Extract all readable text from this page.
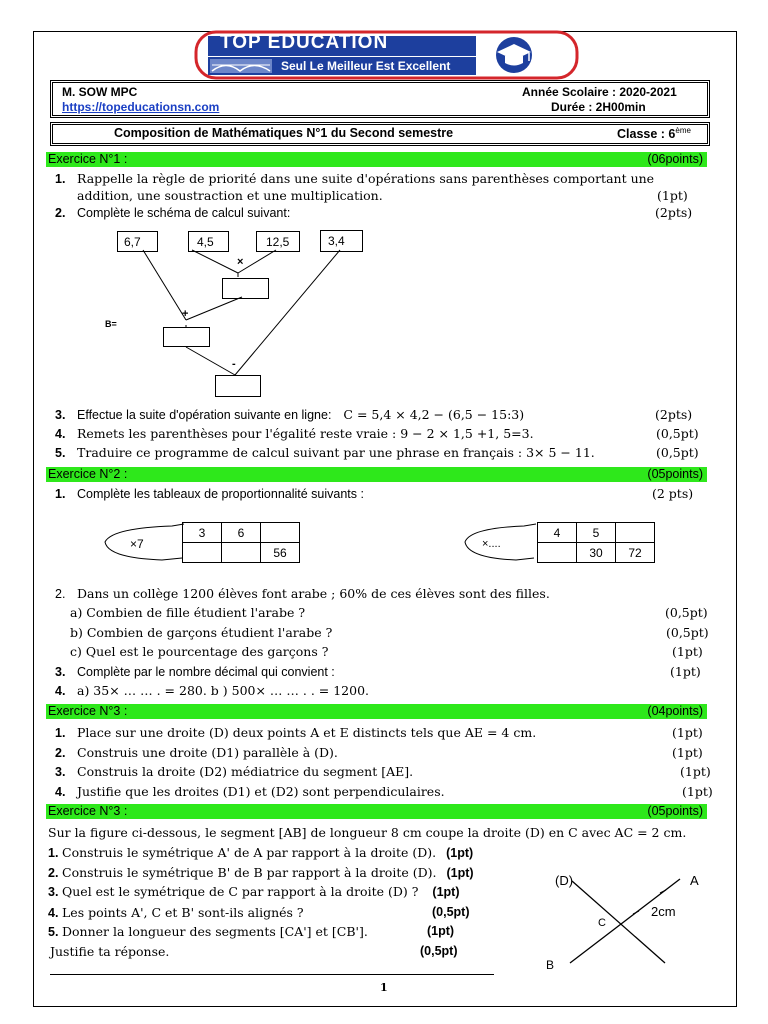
TOP EDUCATION
Seul Le Meilleur Est Excellent
M. SOW MPC
https://topeducationsn.com
Année Scolaire : 2020-2021
Durée : 2H00min
Composition de Mathématiques N°1 du Second semestre	Classe : 6ème
Exercice N°1 :	(06points)
1. Rappelle la règle de priorité dans une suite d'opérations sans parenthèses comportant une
addition, une soustraction et une multiplication.	(1pt)
2. Complète le schéma de calcul suivant:	(2pts)
6,7	4,5	12,5	3,4
×
+
B=
-
3. Effectue la suite d'opération suivante en ligne: C = 5,4 × 4,2 − (6,5 − 15:3)	(2pts)
4. Remets les parenthèses pour l'égalité reste vraie : 9 − 2 × 1,5 +1, 5=3.	(0,5pt)
5. Traduire ce programme de calcul suivant par une phrase en français : 3× 5 − 11.	(0,5pt)
Exercice N°2 :	(05points)
1. Complète les tableaux de proportionnalité suivants :	(2 pts)
×7
3	6	
		56
×....
4	5	
	30	72
2. Dans un collège 1200 élèves font arabe ; 60% de ces élèves sont des filles.
a) Combien de fille étudient l'arabe ?	(0,5pt)
b) Combien de garçons étudient l'arabe ?	(0,5pt)
c) Quel est le pourcentage des garçons ?	(1pt)
3. Complète par le nombre décimal qui convient :	(1pt)
4. a) 35× … … . = 280. b ) 500× … … . . = 1200.
Exercice N°3 :	(04points)
1. Place sur une droite (D) deux points A et E distincts tels que AE = 4 cm.	(1pt)
2. Construis une droite (D1) parallèle à (D).	(1pt)
3. Construis la droite (D2) médiatrice du segment [AE].	(1pt)
4. Justifie que les droites (D1) et (D2) sont perpendiculaires.	(1pt)
Exercice N°3 :	(05points)
Sur la figure ci-dessous, le segment [AB] de longueur 8 cm coupe la droite (D) en C avec AC = 2 cm.
1. Construis le symétrique A' de A par rapport à la droite (D). (1pt)
2. Construis le symétrique B' de B par rapport à la droite (D). (1pt)
3. Quel est le symétrique de C par rapport à la droite (D) ? (1pt)
4. Les points A', C et B' sont-ils alignés ?	(0,5pt)
5. Donner la longueur des segments [CA'] et [CB'].	(1pt)
Justifie ta réponse.	(0,5pt)
(D)	A
C
2cm
B
1
